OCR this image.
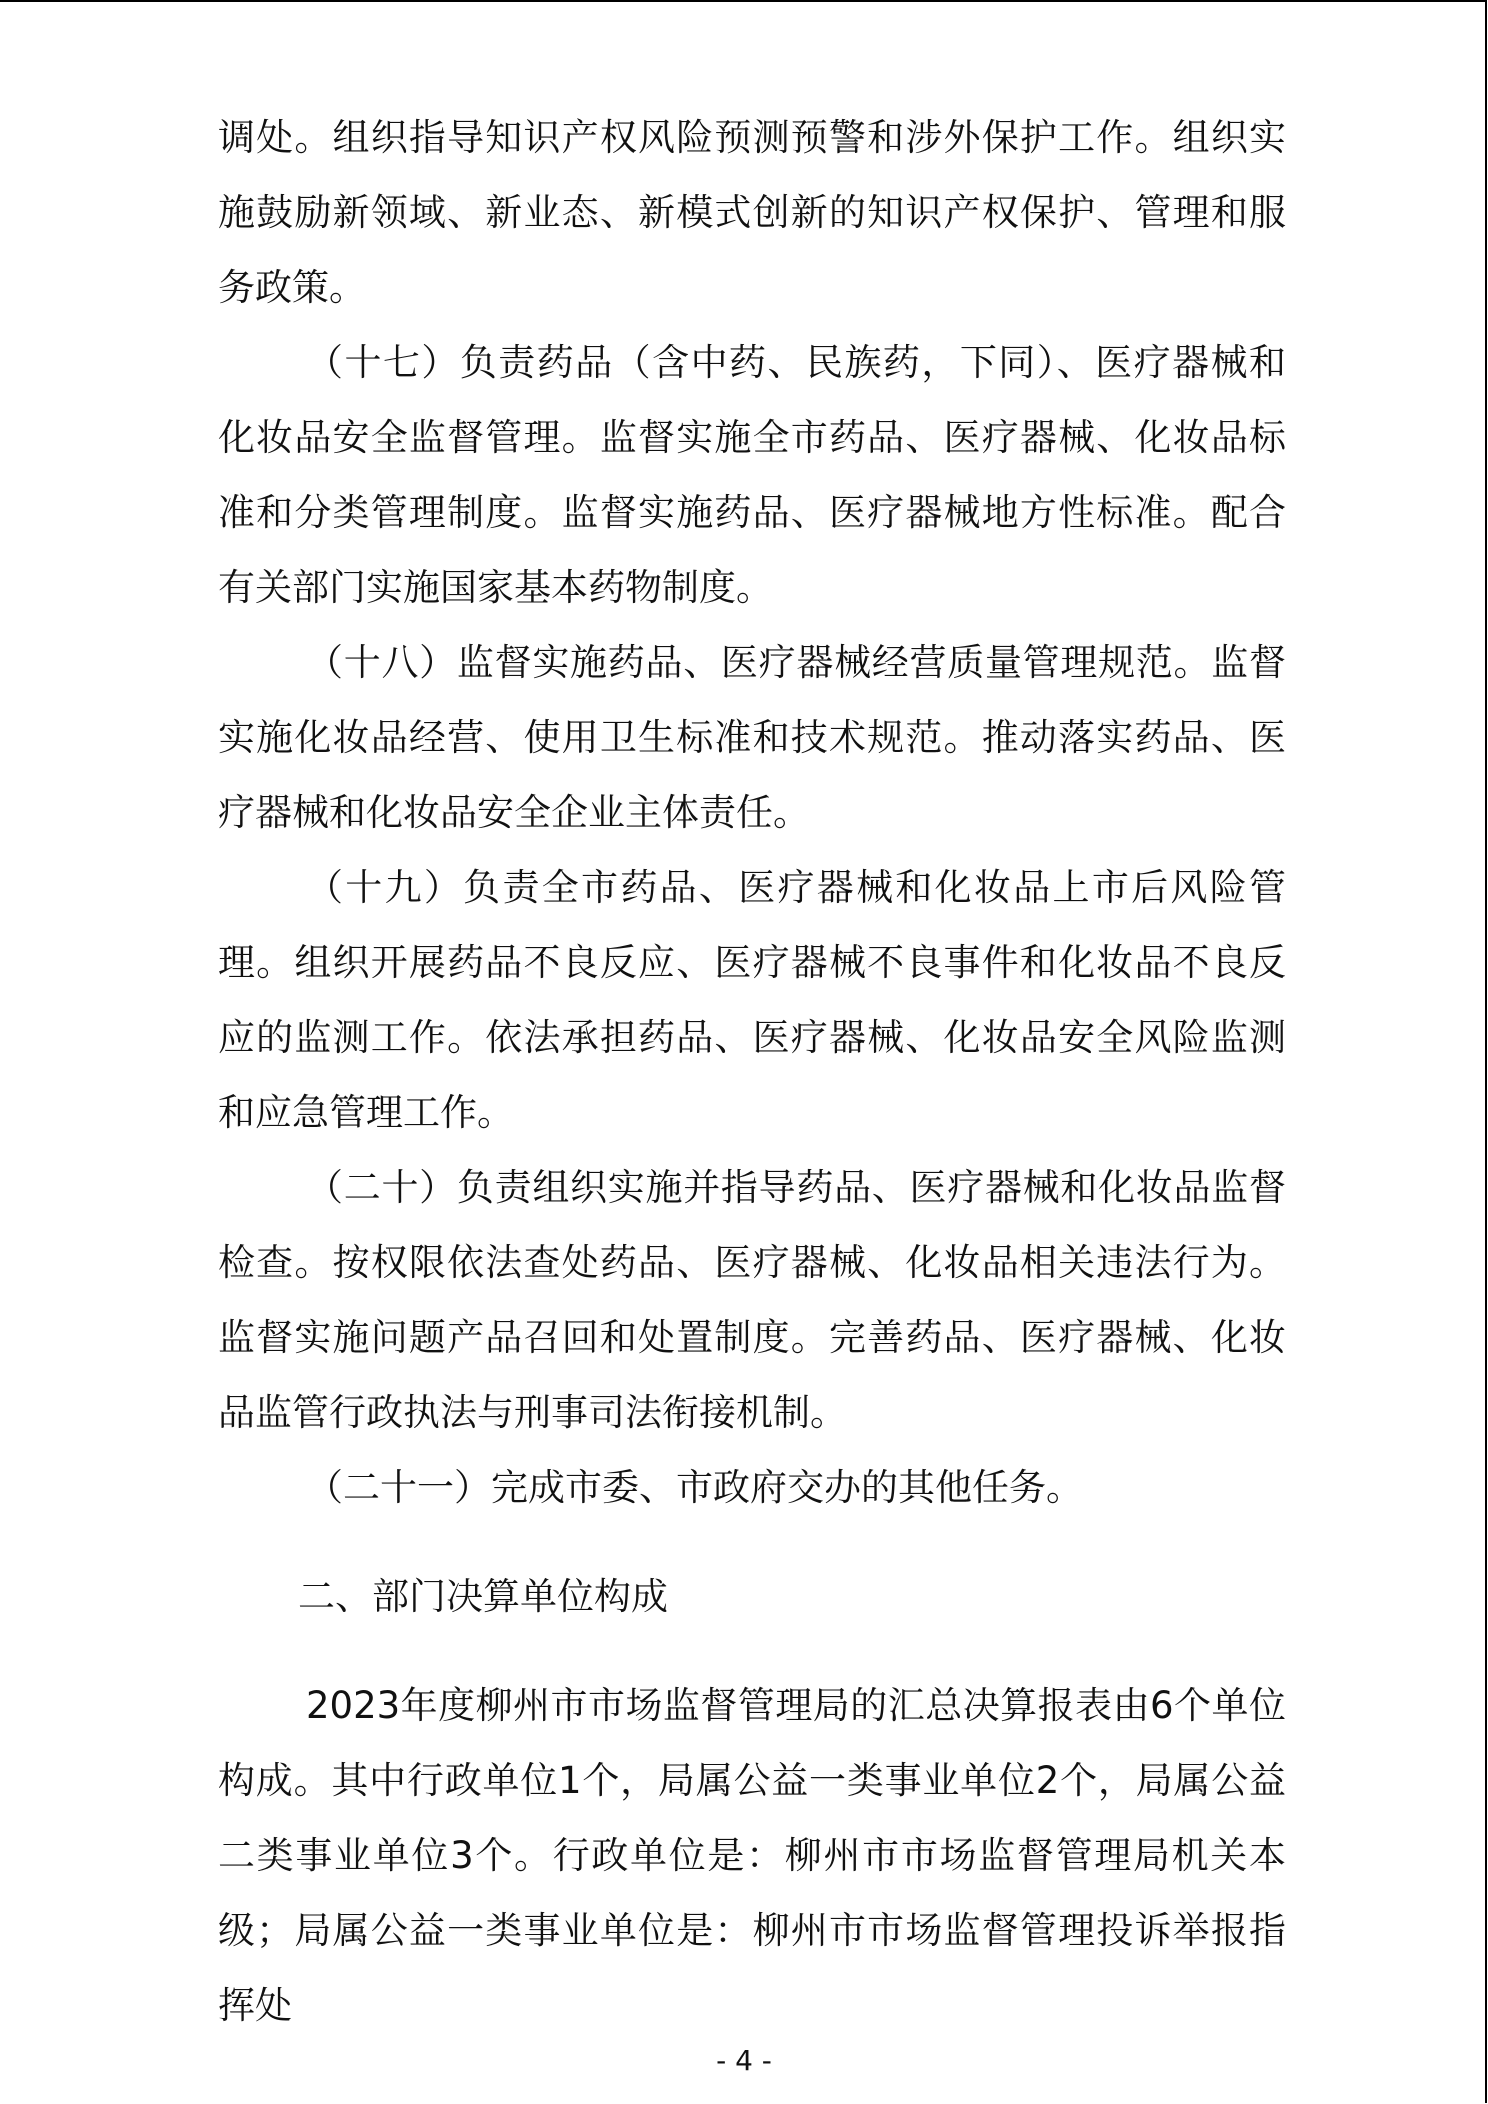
调处。组织指导知识产权风险预测预警和涉外保护工作。组织实施鼓励新领域、新业态、新模式创新的知识产权保护、管理和服务政策。

（十七）负责药品（含中药、民族药，下同）、医疗器械和化妆品安全监督管理。监督实施全市药品、医疗器械、化妆品标准和分类管理制度。监督实施药品、医疗器械地方性标准。配合有关部门实施国家基本药物制度。

（十八）监督实施药品、医疗器械经营质量管理规范。监督实施化妆品经营、使用卫生标准和技术规范。推动落实药品、医疗器械和化妆品安全企业主体责任。

（十九）负责全市药品、医疗器械和化妆品上市后风险管理。组织开展药品不良反应、医疗器械不良事件和化妆品不良反应的监测工作。依法承担药品、医疗器械、化妆品安全风险监测和应急管理工作。

（二十）负责组织实施并指导药品、医疗器械和化妆品监督检查。按权限依法查处药品、医疗器械、化妆品相关违法行为。监督实施问题产品召回和处置制度。完善药品、医疗器械、化妆品监管行政执法与刑事司法衔接机制。

（二十一）完成市委、市政府交办的其他任务。

二、部门决算单位构成

2023年度柳州市市场监督管理局的汇总决算报表由6个单位构成。其中行政单位1个，局属公益一类事业单位2个，局属公益二类事业单位3个。行政单位是：柳州市市场监督管理局机关本级；局属公益一类事业单位是：柳州市市场监督管理投诉举报指挥处

- 4 -
